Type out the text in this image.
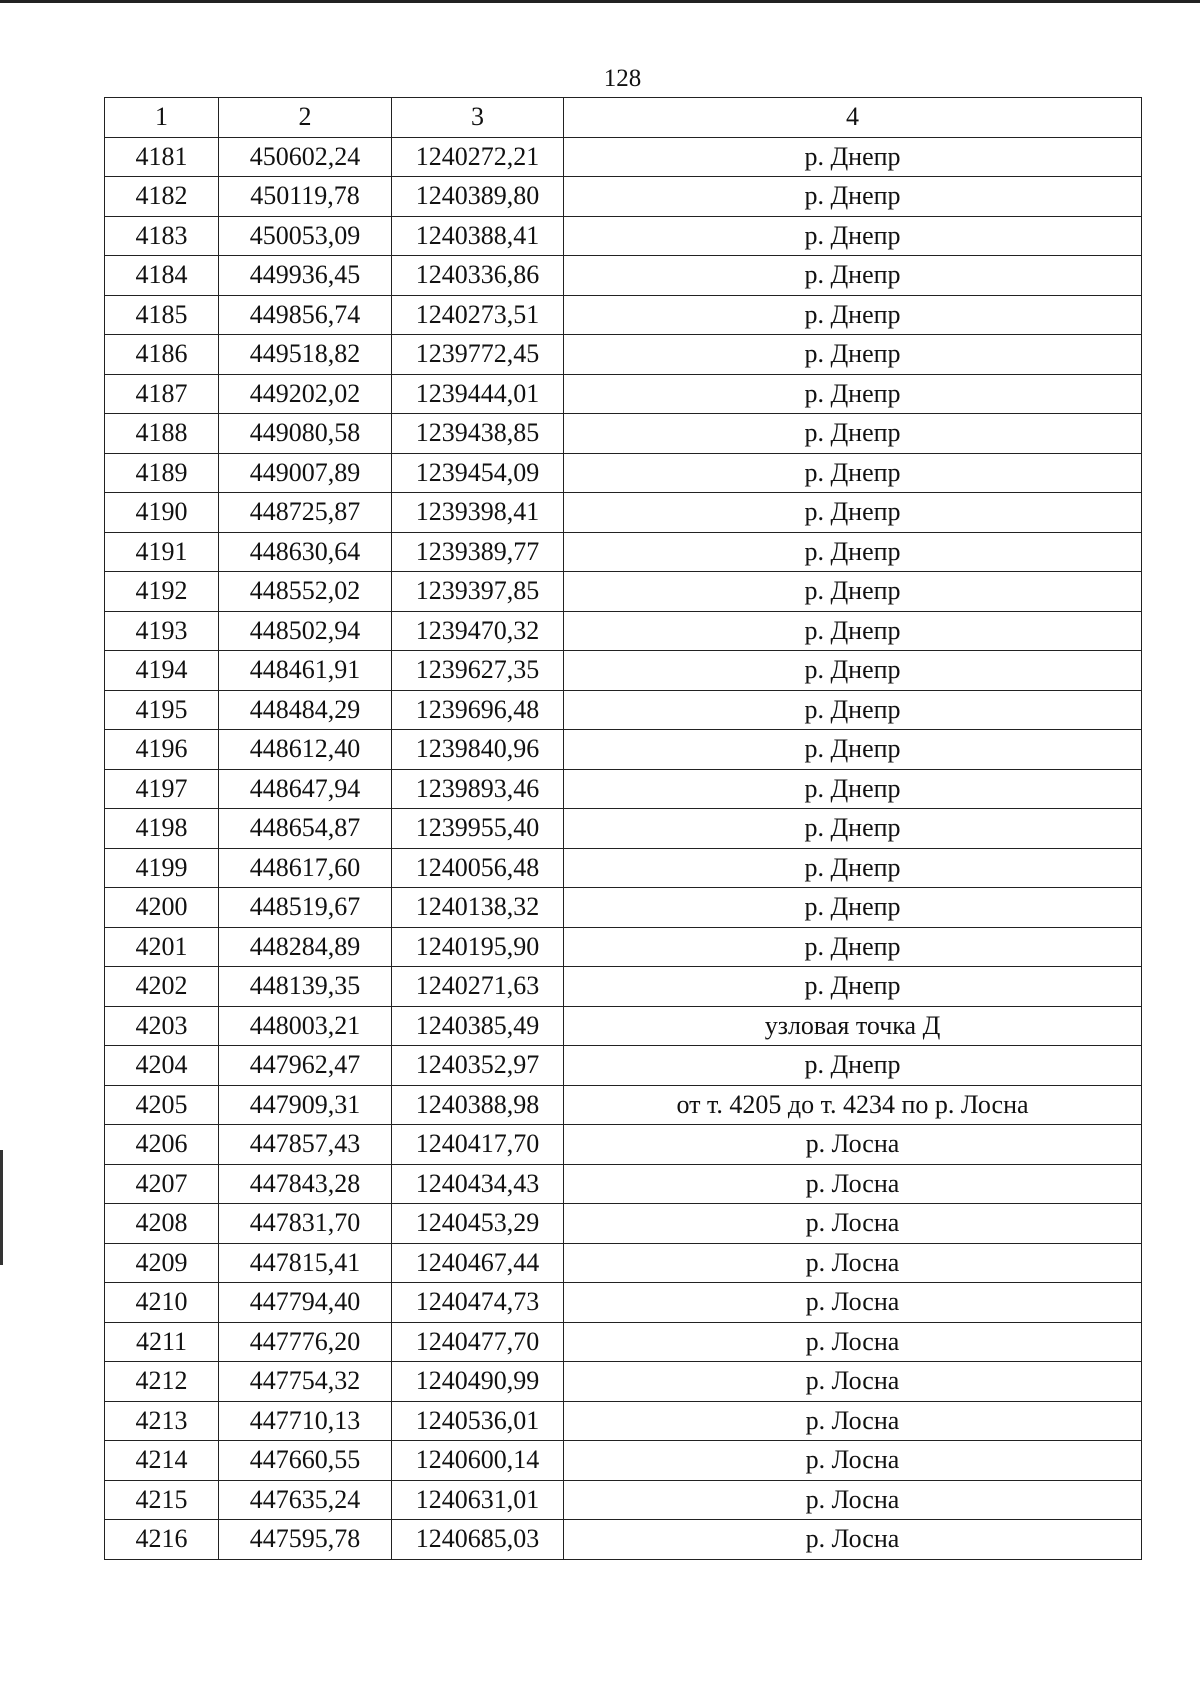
128
1	2	3	4
4181	450602,24	1240272,21	р. Днепр
4182	450119,78	1240389,80	р. Днепр
4183	450053,09	1240388,41	р. Днепр
4184	449936,45	1240336,86	р. Днепр
4185	449856,74	1240273,51	р. Днепр
4186	449518,82	1239772,45	р. Днепр
4187	449202,02	1239444,01	р. Днепр
4188	449080,58	1239438,85	р. Днепр
4189	449007,89	1239454,09	р. Днепр
4190	448725,87	1239398,41	р. Днепр
4191	448630,64	1239389,77	р. Днепр
4192	448552,02	1239397,85	р. Днепр
4193	448502,94	1239470,32	р. Днепр
4194	448461,91	1239627,35	р. Днепр
4195	448484,29	1239696,48	р. Днепр
4196	448612,40	1239840,96	р. Днепр
4197	448647,94	1239893,46	р. Днепр
4198	448654,87	1239955,40	р. Днепр
4199	448617,60	1240056,48	р. Днепр
4200	448519,67	1240138,32	р. Днепр
4201	448284,89	1240195,90	р. Днепр
4202	448139,35	1240271,63	р. Днепр
4203	448003,21	1240385,49	узловая точка Д
4204	447962,47	1240352,97	р. Днепр
4205	447909,31	1240388,98	от т. 4205 до т. 4234 по р. Лосна
4206	447857,43	1240417,70	р. Лосна
4207	447843,28	1240434,43	р. Лосна
4208	447831,70	1240453,29	р. Лосна
4209	447815,41	1240467,44	р. Лосна
4210	447794,40	1240474,73	р. Лосна
4211	447776,20	1240477,70	р. Лосна
4212	447754,32	1240490,99	р. Лосна
4213	447710,13	1240536,01	р. Лосна
4214	447660,55	1240600,14	р. Лосна
4215	447635,24	1240631,01	р. Лосна
4216	447595,78	1240685,03	р. Лосна
